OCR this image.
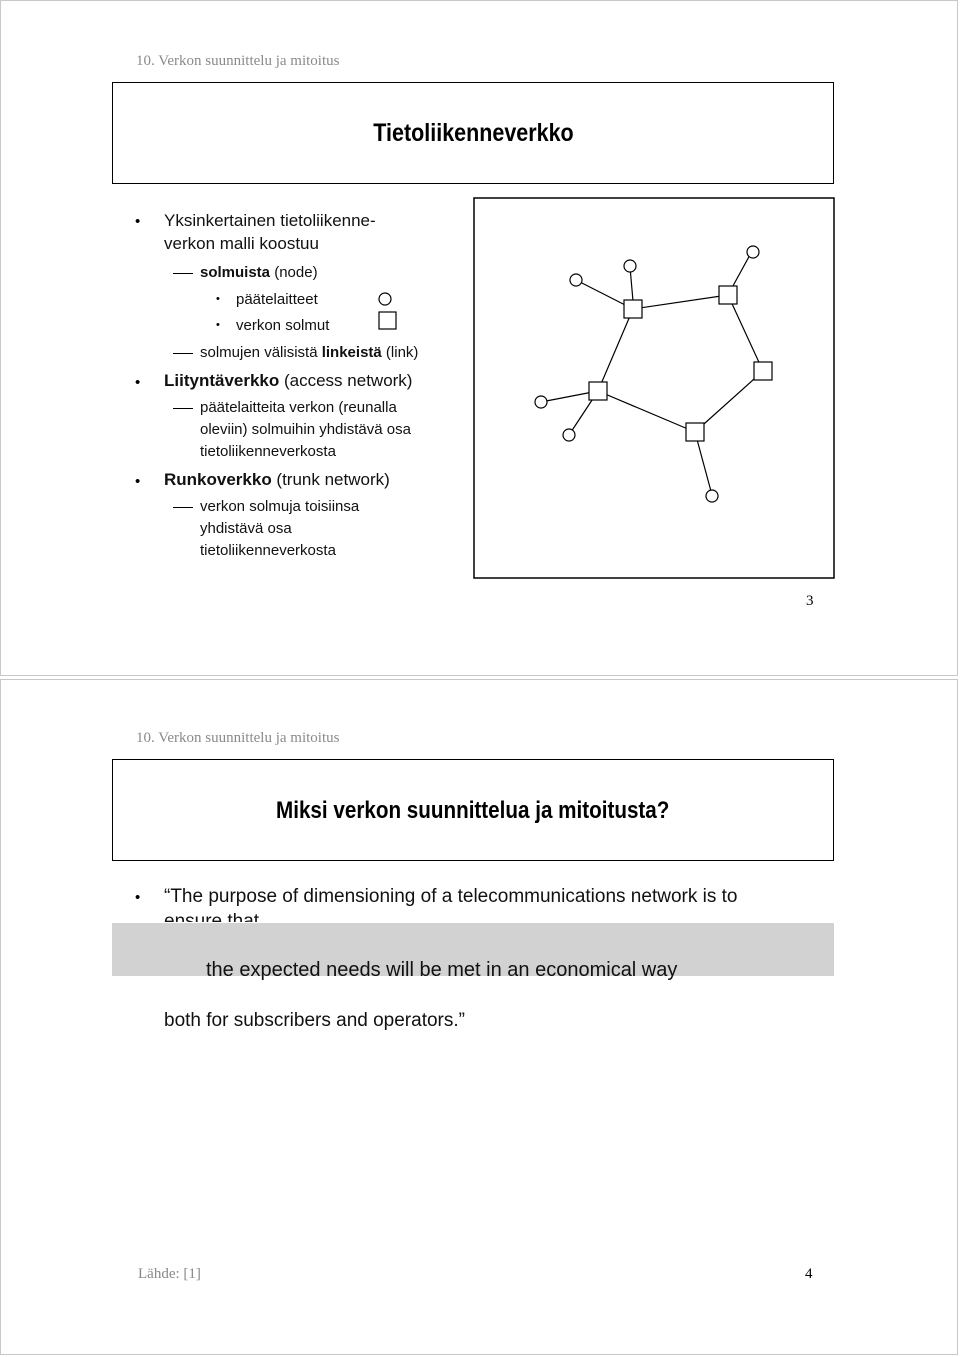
10. Verkon suunnittelu ja mitoitus
Tietoliikenneverkko
• Yksinkertainen tietoliikenne-
verkon malli koostuu
solmuista (node)
• päätelaitteet
• verkon solmut
solmujen välisistä linkeistä (link)
• Liityntäverkko (access network)
päätelaitteita verkon (reunalla
oleviin) solmuihin yhdistävä osa
tietoliikenneverkosta
• Runkoverkko (trunk network)
verkon solmuja toisiinsa
yhdistävä osa
tietoliikenneverkosta
3
10. Verkon suunnittelu ja mitoitus
Miksi verkon suunnittelua ja mitoitusta?
• “The purpose of dimensioning of a telecommunications network is to
the expected needs will be met in an economical way
both for subscribers and operators.”
Lähde: [1]	4
